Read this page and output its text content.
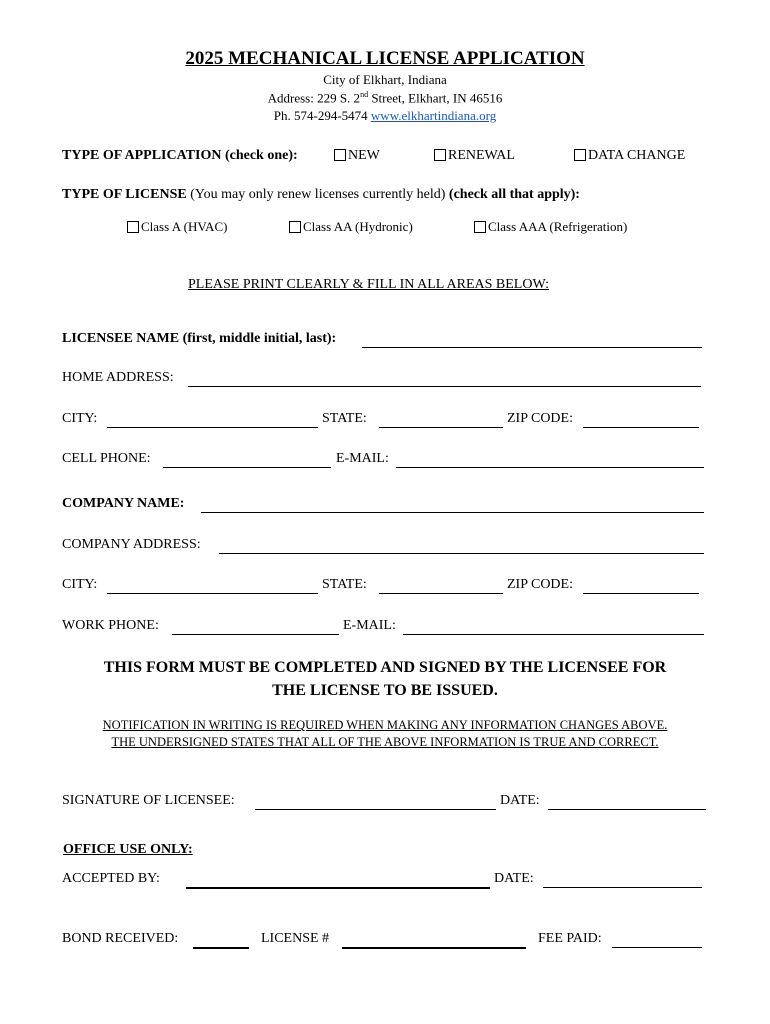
2025 MECHANICAL LICENSE APPLICATION
City of Elkhart, Indiana
Address: 229 S. 2nd Street, Elkhart, IN 46516
Ph. 574-294-5474 www.elkhartindiana.org
TYPE OF APPLICATION (check one):	NEW	RENEWAL	DATA CHANGE
TYPE OF LICENSE (You may only renew licenses currently held) (check all that apply):
Class A (HVAC)	Class AA (Hydronic)	Class AAA (Refrigeration)
PLEASE PRINT CLEARLY & FILL IN ALL AREAS BELOW:
LICENSEE NAME (first, middle initial, last):
HOME ADDRESS:
CITY:	STATE:	ZIP CODE:
CELL PHONE:	E-MAIL:
COMPANY NAME:
COMPANY ADDRESS:
CITY:	STATE:	ZIP CODE:
WORK PHONE:	E-MAIL:
THIS FORM MUST BE COMPLETED AND SIGNED BY THE LICENSEE FOR
THE LICENSE TO BE ISSUED.
NOTIFICATION IN WRITING IS REQUIRED WHEN MAKING ANY INFORMATION CHANGES ABOVE.
THE UNDERSIGNED STATES THAT ALL OF THE ABOVE INFORMATION IS TRUE AND CORRECT.
SIGNATURE OF LICENSEE:	DATE:
OFFICE USE ONLY:
ACCEPTED BY:	DATE:
BOND RECEIVED:	LICENSE #	FEE PAID:
